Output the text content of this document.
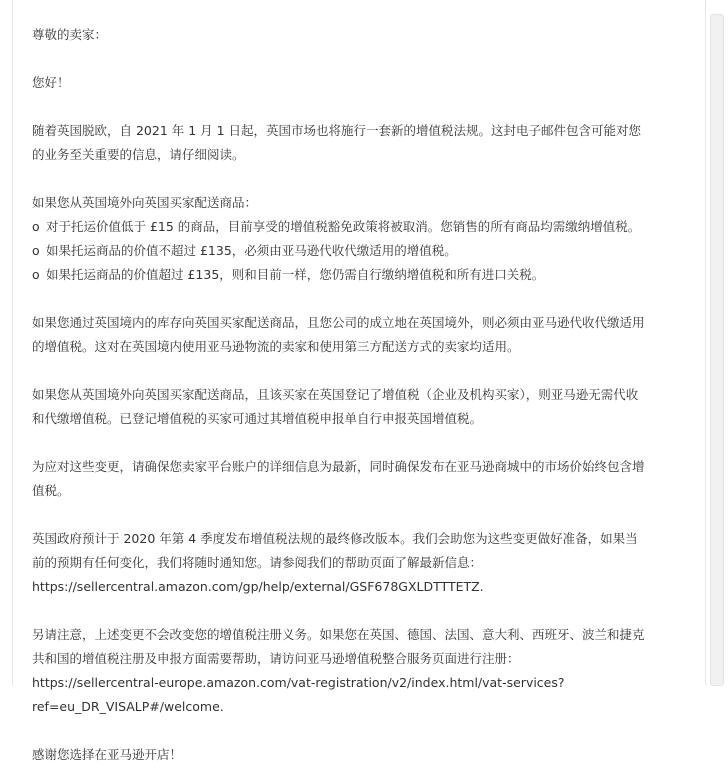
尊敬的卖家：

您好！

随着英国脱欧，自 2021 年 1 月 1 日起，英国市场也将施行一套新的增值税法规。这封电子邮件包含可能对您

的业务至关重要的信息，请仔细阅读。

如果您从英国境外向英国买家配送商品：

o 对于托运价值低于 £15 的商品，目前享受的增值税豁免政策将被取消。您销售的所有商品均需缴纳增值税。
o 如果托运商品的价值不超过 £135，必须由亚马逊代收代缴适用的增值税。
o 如果托运商品的价值超过 £135，则和目前一样，您仍需自行缴纳增值税和所有进口关税。

如果您通过英国境内的库存向英国买家配送商品，且您公司的成立地在英国境外，则必须由亚马逊代收代缴适用

的增值税。这对在英国境内使用亚马逊物流的卖家和使用第三方配送方式的卖家均适用。

如果您从英国境外向英国买家配送商品，且该买家在英国登记了增值税（企业及机构买家），则亚马逊无需代收

和代缴增值税。已登记增值税的买家可通过其增值税申报单自行申报英国增值税。

为应对这些变更，请确保您卖家平台账户的详细信息为最新，同时确保发布在亚马逊商城中的市场价始终包含增

值税。

英国政府预计于 2020 年第 4 季度发布增值税法规的最终修改版本。我们会助您为这些变更做好准备，如果当

前的预期有任何变化，我们将随时通知您。请参阅我们的帮助页面了解最新信息：

https://sellercentral.amazon.com/gp/help/external/GSF678GXLDTTTETZ.

另请注意，上述变更不会改变您的增值税注册义务。如果您在英国、德国、法国、意大利、西班牙、波兰和捷克

共和国的增值税注册及申报方面需要帮助，请访问亚马逊增值税整合服务页面进行注册：

https://sellercentral-europe.amazon.com/vat-registration/v2/index.html/vat-services?

ref=eu_DR_VISALP#/welcome.

感谢您选择在亚马逊开店！
